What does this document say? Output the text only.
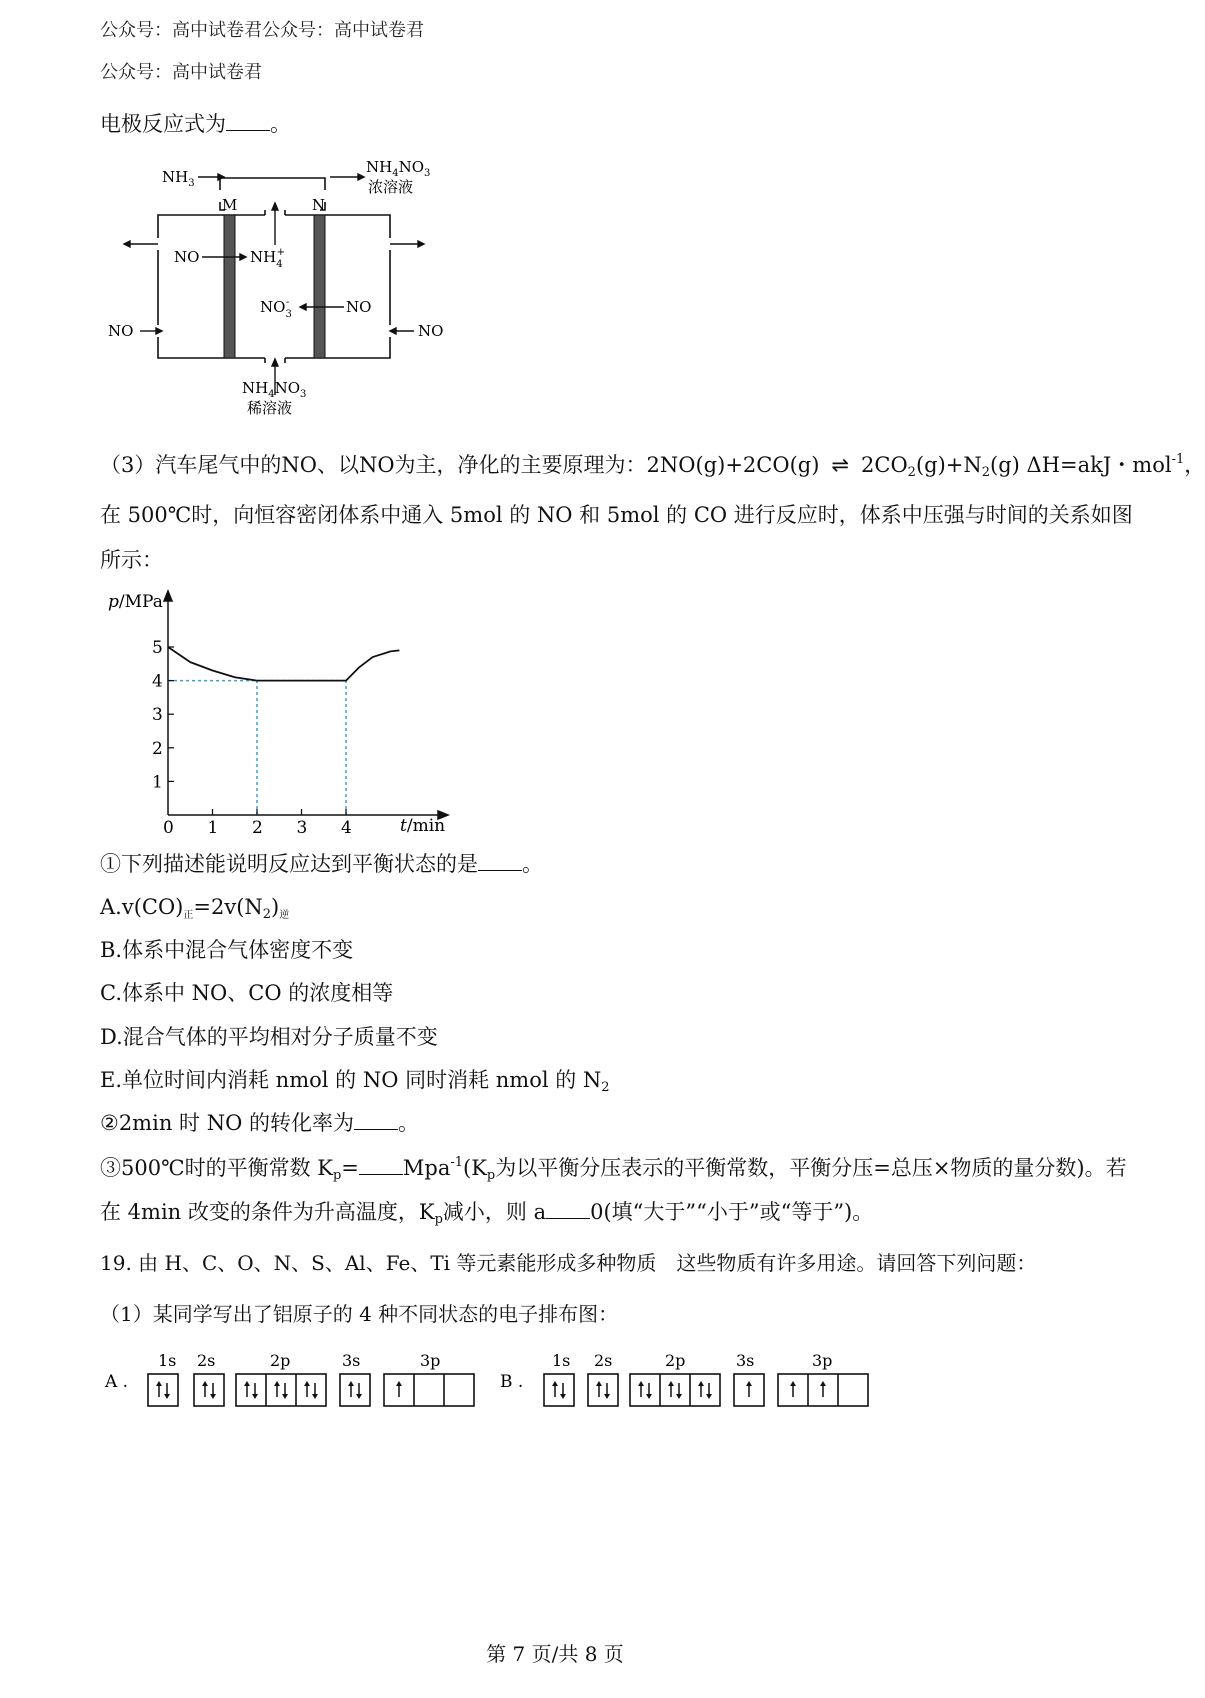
公众号：高中试卷君公众号：高中试卷君
公众号：高中试卷君
电极反应式为 。
$NH_3$
$NH_4NO_3$
浓溶液
M	N
NO	$NH_4+$
$NO_3-$	NO
NO	NO
$NH_4NO_3$
稀溶液
（3）汽车尾气中的NO、以NO为主，净化的主要原理为：2NO(g)+2CO(g) ⇌ $2CO_2(g)+N_2(g)$ ΔH=akJ・mol$^{-1}$，
在 500℃时，向恒容密闭体系中通入 5mol 的 NO 和 5mol 的 CO 进行反应时，体系中压强与时间的关系如图
所示：
0 1 2 3 4
1
2
3
4
5
p/MPa
t/min
①下列描述能说明反应达到平衡状态的是 。
A.v(CO)正$=2v(N_2)$逆
B.体系中混合气体密度不变
C.体系中 NO、CO 的浓度相等
D.混合气体的平均相对分子质量不变
E.单位时间内消耗 nmol 的 NO 同时消耗 nmol 的 $N_2$
②2min 时 NO 的转化率为 。
③500℃时的平衡常数 $K_p= Mpa^{-1}(K_p$为以平衡分压表示的平衡常数，平衡分压=总压×物质的量分数)。若
在 4min 改变的条件为升高温度，$K_p$减小，则 a 0(填“大于”“小于”或“等于”)。
19. 由 H、C、O、N、S、Al、Fe、Ti 等元素能形成多种物质　这些物质有许多用途。请回答下列问题：
（1）某同学写出了铝原子的 4 种不同状态的电子排布图：
A .	B .
1s 2s	2p	3s	3p	1s 2s	2p	3s	3p
第 7 页/共 8 页
